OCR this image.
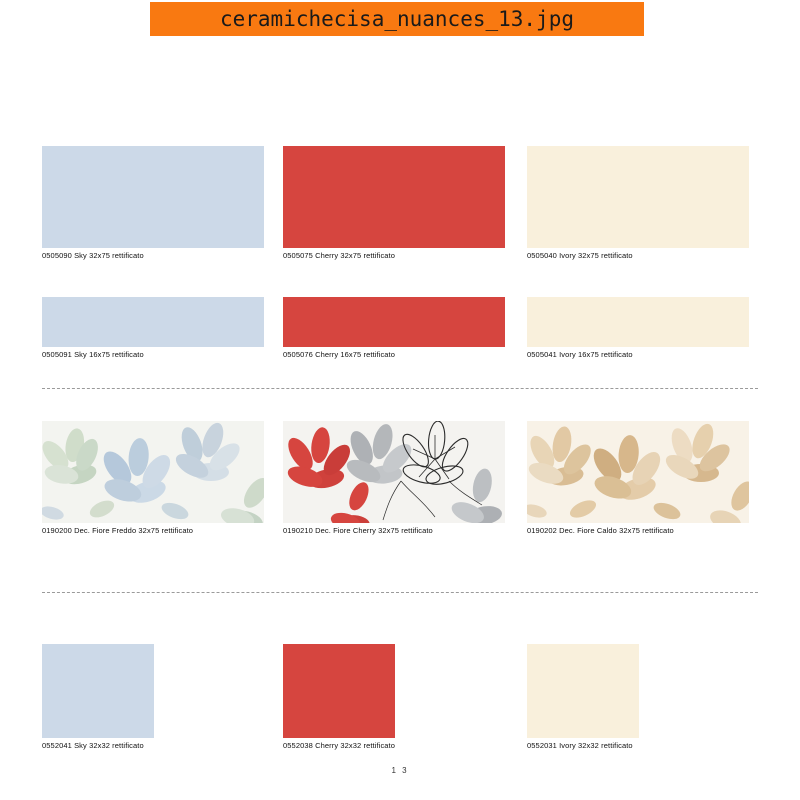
ceramichecisa_nuances_13.jpg
0505090 Sky 32x75 rettificato	0505075 Cherry 32x75 rettificato	0505040 Ivory 32x75 rettificato
0505091 Sky 16x75 rettificato	0505076 Cherry 16x75 rettificato	0505041 Ivory 16x75 rettificato
0190200 Dec. Fiore Freddo 32x75 rettificato	0190210 Dec. Fiore Cherry 32x75 rettificato	0190202 Dec. Fiore Caldo 32x75 rettificato
0552041 Sky 32x32 rettificato	0552038 Cherry 32x32 rettificato	0552031 Ivory 32x32 rettificato
1 3
